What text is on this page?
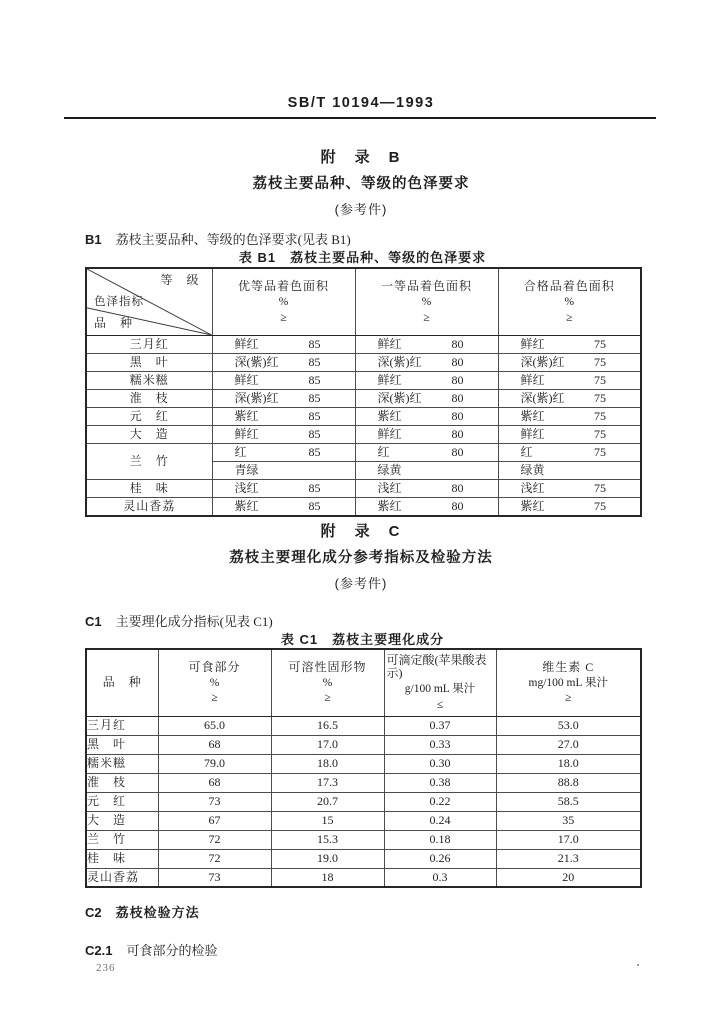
SB/T 10194—1993
附　录　B
荔枝主要品种、等级的色泽要求
(参考件)
B1 荔枝主要品种、等级的色泽要求(见表 B1)
表 B1　荔枝主要品种、等级的色泽要求
等　级
色泽指标
品　种	优等品着色面积
%
≥	一等品着色面积
%
≥	合格品着色面积
%
≥

三月红	鲜红 85	鲜红 80	鲜红 75

黑　叶	深(紫)红 85	深(紫)红 80	深(紫)红 75

糯米糍	鲜红 85	鲜红 80	鲜红 75

淮　枝	深(紫)红 85	深(紫)红 80	深(紫)红 75

元　红	紫红 85	紫红 80	紫红 75

大　造	鲜红 85	鲜红 80	鲜红 75

兰　竹	红 85	红 80	红 75

	青绿	绿黄	绿黄

桂　味	浅红 85	浅红 80	浅红 75

灵山香荔	紫红 85	紫红 80	紫红 75
附　录　C
荔枝主要理化成分参考指标及检验方法
(参考件)
C1 主要理化成分指标(见表 C1)
表 C1　荔枝主要理化成分
品　种	可食部分
%
≥	可溶性固形物
%
≥	可滴定酸(苹果酸表示)
g/100 mL 果汁
≤	维生素 C
mg/100 mL 果汁
≥

三月红	65.0	16.5	0.37	53.0
黑　叶	68	17.0	0.33	27.0
糯米糍	79.0	18.0	0.30	18.0
淮　枝	68	17.3	0.38	88.8
元　红	73	20.7	0.22	58.5
大　造	67	15	0.24	35
兰　竹	72	15.3	0.18	17.0
桂　味	72	19.0	0.26	21.3
灵山香荔	73	18	0.3	20
C2 荔枝检验方法
C2.1 可食部分的检验
236
